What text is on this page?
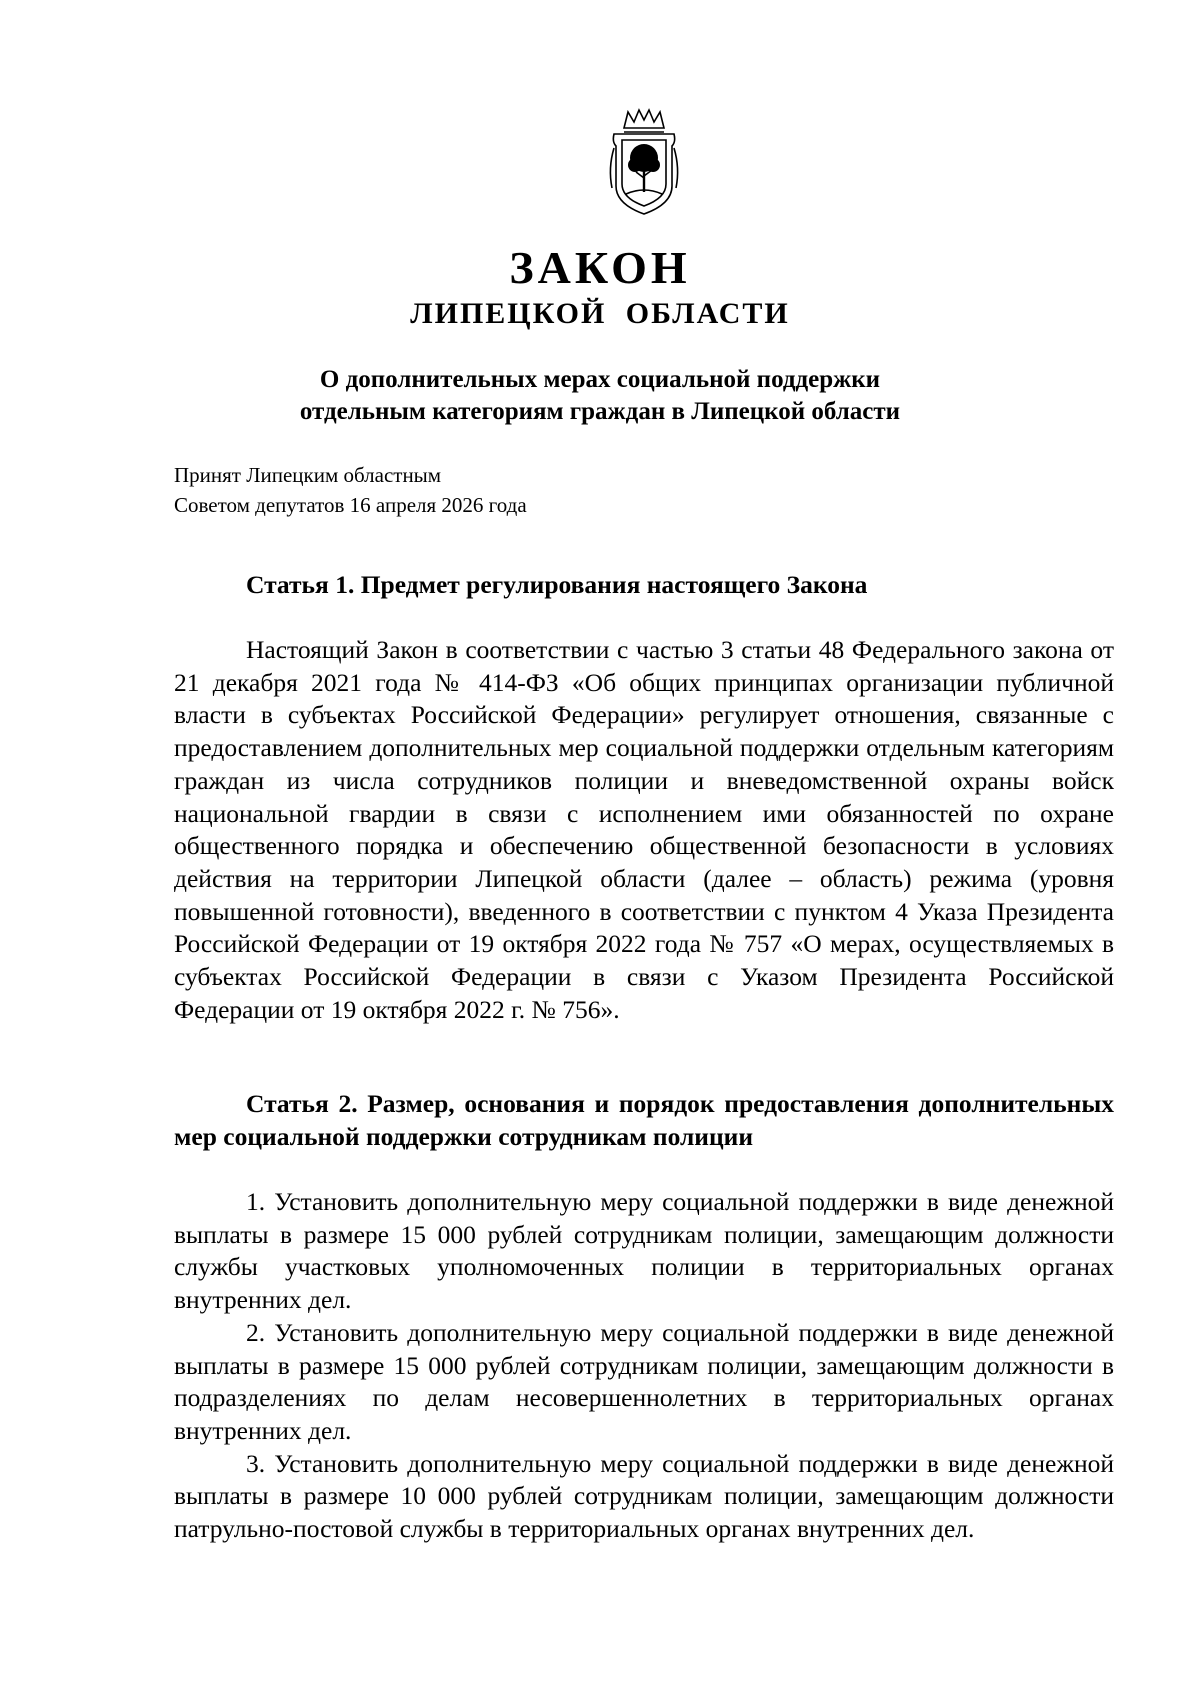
ЗАКОН
ЛИПЕЦКОЙ ОБЛАСТИ
О дополнительных мерах социальной поддержки
отдельным категориям граждан в Липецкой области
Принят Липецким областным
Советом депутатов 16 апреля 2026 года

Статья 1. Предмет регулирования настоящего Закона

Настоящий Закон в соответствии с частью 3 статьи 48 Федерального закона от 21 декабря 2021 года № 414-ФЗ «Об общих принципах организации публичной власти в субъектах Российской Федерации» регулирует отношения, связанные с предоставлением дополнительных мер социальной поддержки отдельным категориям граждан из числа сотрудников полиции и вневедомственной охраны войск национальной гвардии в связи с исполнением ими обязанностей по охране общественного порядка и обеспечению общественной безопасности в условиях действия на территории Липецкой области (далее – область) режима (уровня повышенной готовности), введенного в соответствии с пунктом 4 Указа Президента Российской Федерации от 19 октября 2022 года № 757 «О мерах, осуществляемых в субъектах Российской Федерации в связи с Указом Президента Российской Федерации от 19 октября 2022 г. № 756».

Статья 2. Размер, основания и порядок предоставления дополнительных мер социальной поддержки сотрудникам полиции

1. Установить дополнительную меру социальной поддержки в виде денежной выплаты в размере 15 000 рублей сотрудникам полиции, замещающим должности службы участковых уполномоченных полиции в территориальных органах внутренних дел.

2. Установить дополнительную меру социальной поддержки в виде денежной выплаты в размере 15 000 рублей сотрудникам полиции, замещающим должности в подразделениях по делам несовершеннолетних в территориальных органах внутренних дел.

3. Установить дополнительную меру социальной поддержки в виде денежной выплаты в размере 10 000 рублей сотрудникам полиции, замещающим должности патрульно-постовой службы в территориальных органах внутренних дел.
